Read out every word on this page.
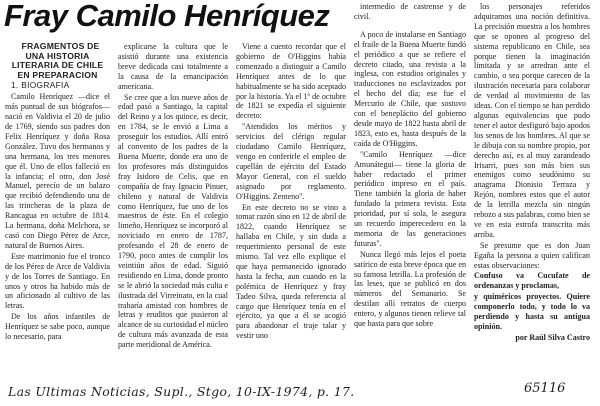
Fray Camilo Henríquez

FRAGMENTOS DE UNA HISTORIA LITERARIA DE CHILE EN PREPARACION

1. BIOGRAFIA

Camilo Henríquez —dice el más puntual de sus biógrafos— nació en Valdivia el 20 de julio de 1769, siendo sus padres don Felix Henríquez y doña Rosa González. Tuvo dos hermanos y una hermana, los tres menores que él. Uno de ellos falleció en la infancia; el otro, don José Manuel, perecío de un balazo que recibió defendiendo una de las trincheras de la plaza de Rancagua en octubre de 1814. La hermana, doña Melchora, se casó con Diego Pérez de Arce, natural de Buenos Aires.

Este matrimonio fue el tronco de los Pérez de Arce de Valdivia y de los Torres de Santiago. En unos y otros ha habido más de un aficionado al cultivo de las letras.

De los años infantiles de Henríquez se sabe poco, aunque lo necesario, para

explicarse la cultura que le asistió durante una existencia breve dedicada casi totalmente a la causa de la emancipación americana.

Se cree que a los nueve años de edad pasó a Santiago, la capital del Reino y a los quince, es decir, en 1784, se le envió a Lima a proseguir los estudios. Allí entró al convento de los padres de la Buena Muerte, donde era uno de los profesores más distinguidos fray Isidoro de Celis, que en compañía de fray Ignacio Pinuer, chileno y natural de Valdivia como Henríquez, fue uno de los maestros de éste. En el colegio limeño, Henríquez se incorporó al noviciado en enero de 1787, profesando el 28 de enero de 1790, poco antes de cumplir los veintiún años de edad. Siguió residiendo en Lima, donde pronto se le abrió la sociedad más culta e ilustrada del Virreinato, en la cual trabaría amistad con hombres de letras y eruditos que pusieron al alcance de su curiosidad el núcleo de cultura más avanzada de esta parte meridional de América.

Viene a cuento recordar que el gobierno de O'Higgins había comenzado a distinguir a Camilo Henríquez antes de lo que habitualmente se ha sido aceptado por la historia. Ya el 1º de octubre de 1821 se expedía el siguiente decreto:

"Atendidos los méritos y servicios del clérigo regular ciudadano Camilo Henríquez, vengo en conferirle el empleo de capellán de ejército del Estado Mayor General, con el sueldo asignado por reglamento. O'Higgins. Zenteno".

En este decreto no se vino a tomar razón sino en 12 de abril de 1822, cuando Henríquez se hallaba en Chile, y sin duda a requerimiento personal de este mismo. Tal vez ello explique el que haya permanecido ignorado hasta la fecha, aun cuando en la polémica de Henríquez y fray Tadeo Silva, queda referencia al cargo que Henríquez tenía en el ejército, ya que a él se acogió para abandonar el traje talar y vestir uno

intermedio de castrense y de civil.

A poco de instalarse en Santiago el fraile de la Buena Muerte fundó el periódico a que se refiere el decreto citado, una revista a la inglesa, con estudios originales y traducciones no esclavizados por el hecho del día; ese fue el Mercurio de Chile, que sostuvo con el beneplácito del gobierno desde mayo de 1822 hasta abril de 1823, esto es, hasta después de la caída de O'Higgins.

"Camilo Henríquez —dice Amunátegui— tiene la gloria de haber redactado el primer periódico impreso en el país. Tiene también la gloria de haber fundado la primera revista. Esta prioridad, por sí sola, le asegura un recuerdo imperecedero en la memoria de las generaciones futuras".

Nunca llegó más lejos el poeta satírico de esta breve época que en su famosa letrilla. La profesión de las leses, que se publicó en dos números del Semanario. Se destilan allí retratos de cuerpo entero, y algunos tienen relieve tal que basta para que sobre

los personajes referidos adquiramos una noción definitiva. La precisión muestra a los hombres que se oponen al progreso del sistema republicano en Chile, sea porque tienen la imaginación limitada y se arredran ante el cambio, o sea porque carecen de la ilustración necesaria para colaborar de verdad al movimiento de las ideas. Con el tiempo se han perdido algunas equivalencias que pudo tener el autor desfiguró bajo apodos los senos de los hombres. Al que se le dibuja con su nombre propio, por derecho así, es al muy zarandeado Irisarri, pues son más bien sus enemigos como seudónimo su anagrama Dionisio Terraza y Rejón, nombres estos que el autor de la letrilla mezcla sin ningún rebozo a sus palabras, como bien se ve en esta estrofa transcrita más arriba.

Se presume que es don Juan Egaña la persona a quien califican estas observaciones:

Confuso va Cucufate de ordenanzas y proclamas,

y quiméricos proyectos. Quiere componerlo todo, y todo lo va perdiendo y hasta su antigua opinión.

por Raúl Silva Castro

Las Ultimas Noticias, Supl., Stgo, 10-IX-1974, p. 17.	65116
